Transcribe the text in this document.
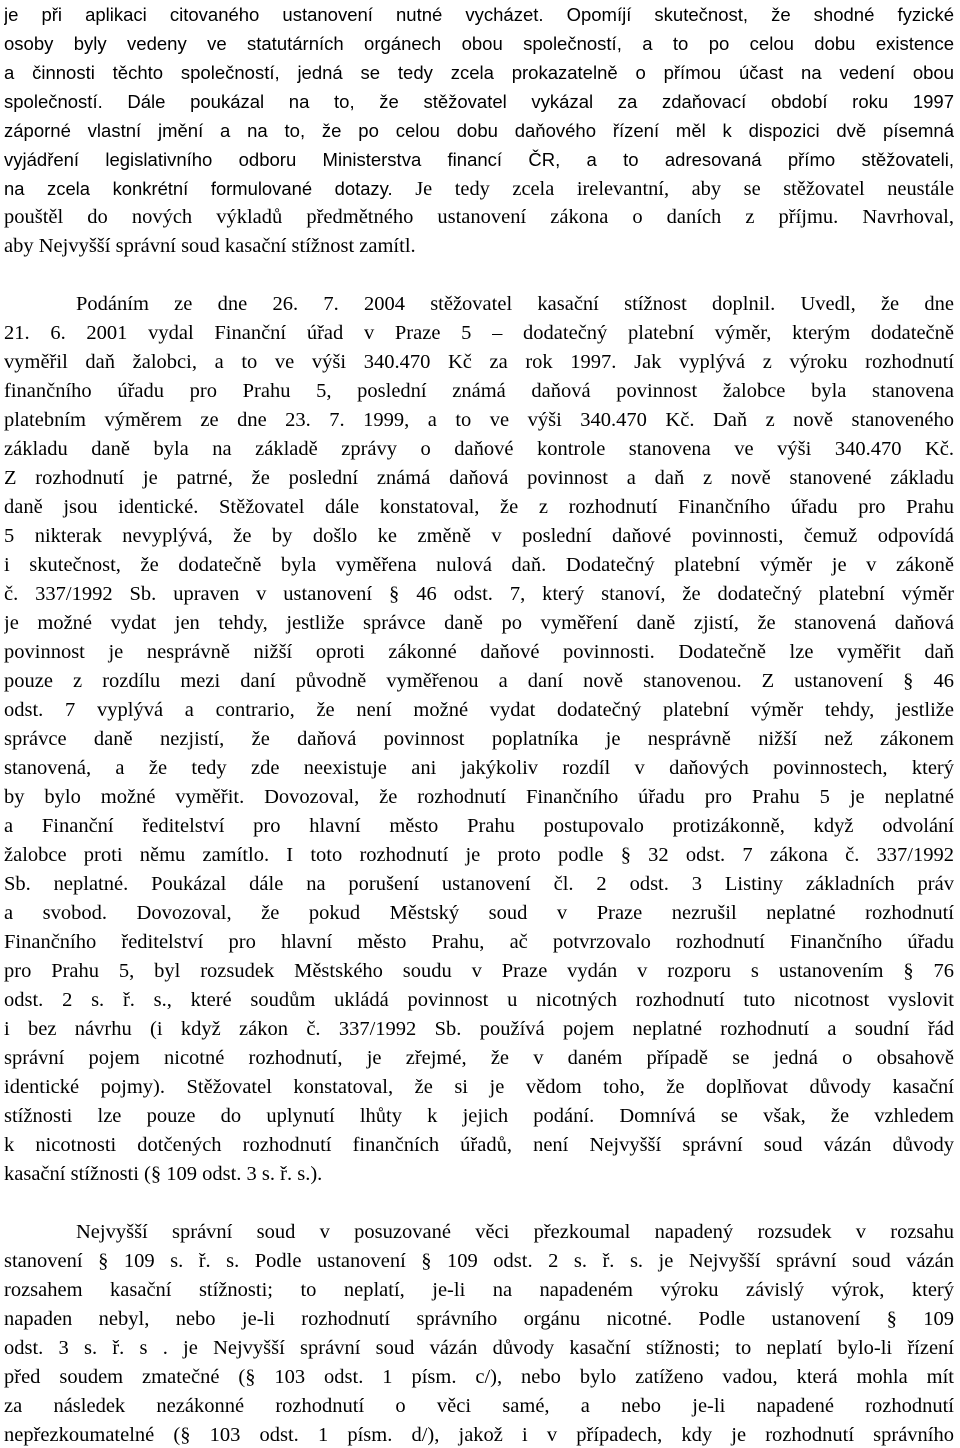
je při aplikaci citovaného ustanovení nutné vycházet. Opomíjí skutečnost, že shodné fyzické
osoby byly vedeny ve statutárních orgánech obou společností, a to po celou dobu existence
a činnosti těchto společností, jedná se tedy zcela prokazatelně o přímou účast na vedení obou
společností. Dále poukázal na to, že stěžovatel vykázal za zdaňovací období roku 1997
záporné vlastní jmění a na to, že po celou dobu daňového řízení měl k dispozici dvě písemná
vyjádření legislativního odboru Ministerstva financí ČR, a to adresovaná přímo stěžovateli,
na zcela konkrétní formulované dotazy. Je tedy zcela irelevantní, aby se stěžovatel neustále
pouštěl do nových výkladů předmětného ustanovení zákona o daních z příjmu. Navrhoval,
aby Nejvyšší správní soud kasační stížnost zamítl.
Podáním ze dne 26. 7. 2004 stěžovatel kasační stížnost doplnil. Uvedl, že dne
21. 6. 2001 vydal Finanční úřad v Praze 5 – dodatečný platební výměr, kterým dodatečně
vyměřil daň žalobci, a to ve výši 340.470 Kč za rok 1997. Jak vyplývá z výroku rozhodnutí
finančního úřadu pro Prahu 5, poslední známá daňová povinnost žalobce byla stanovena
platebním výměrem ze dne 23. 7. 1999, a to ve výši 340.470 Kč. Daň z nově stanoveného
základu daně byla na základě zprávy o daňové kontrole stanovena ve výši 340.470 Kč.
Z rozhodnutí je patrné, že poslední známá daňová povinnost a daň z nově stanovené základu
daně jsou identické. Stěžovatel dále konstatoval, že z rozhodnutí Finančního úřadu pro Prahu
5 nikterak nevyplývá, že by došlo ke změně v poslední daňové povinnosti, čemuž odpovídá
i skutečnost, že dodatečně byla vyměřena nulová daň. Dodatečný platební výměr je v zákoně
č. 337/1992 Sb. upraven v ustanovení § 46 odst. 7, který stanoví, že dodatečný platební výměr
je možné vydat jen tehdy, jestliže správce daně po vyměření daně zjistí, že stanovená daňová
povinnost je nesprávně nižší oproti zákonné daňové povinnosti. Dodatečně lze vyměřit daň
pouze z rozdílu mezi daní původně vyměřenou a daní nově stanovenou. Z ustanovení § 46
odst. 7 vyplývá a contrario, že není možné vydat dodatečný platební výměr tehdy, jestliže
správce daně nezjistí, že daňová povinnost poplatníka je nesprávně nižší než zákonem
stanovená, a že tedy zde neexistuje ani jakýkoliv rozdíl v daňových povinnostech, který
by bylo možné vyměřit. Dovozoval, že rozhodnutí Finančního úřadu pro Prahu 5 je neplatné
a Finanční ředitelství pro hlavní město Prahu postupovalo protizákonně, když odvolání
žalobce proti němu zamítlo. I toto rozhodnutí je proto podle § 32 odst. 7 zákona č. 337/1992
Sb. neplatné. Poukázal dále na porušení ustanovení čl. 2 odst. 3 Listiny základních práv
a svobod. Dovozoval, že pokud Městský soud v Praze nezrušil neplatné rozhodnutí
Finančního ředitelství pro hlavní město Prahu, ač potvrzovalo rozhodnutí Finančního úřadu
pro Prahu 5, byl rozsudek Městského soudu v Praze vydán v rozporu s ustanovením § 76
odst. 2 s. ř. s., které soudům ukládá povinnost u nicotných rozhodnutí tuto nicotnost vyslovit
i bez návrhu (i když zákon č. 337/1992 Sb. používá pojem neplatné rozhodnutí a soudní řád
správní pojem nicotné rozhodnutí, je zřejmé, že v daném případě se jedná o obsahově
identické pojmy). Stěžovatel konstatoval, že si je vědom toho, že doplňovat důvody kasační
stížnosti lze pouze do uplynutí lhůty k jejich podání. Domnívá se však, že vzhledem
k nicotnosti dotčených rozhodnutí finančních úřadů, není Nejvyšší správní soud vázán důvody
kasační stížnosti (§ 109 odst. 3 s. ř. s.).
Nejvyšší správní soud v posuzované věci přezkoumal napadený rozsudek v rozsahu
stanovení § 109 s. ř. s. Podle ustanovení § 109 odst. 2 s. ř. s. je Nejvyšší správní soud vázán
rozsahem kasační stížnosti; to neplatí, je-li na napadeném výroku závislý výrok, který
napaden nebyl, nebo je-li rozhodnutí správního orgánu nicotné. Podle ustanovení § 109
odst. 3 s. ř. s . je Nejvyšší správní soud vázán důvody kasační stížnosti; to neplatí bylo-li řízení
před soudem zmatečné (§ 103 odst. 1 písm. c/), nebo bylo zatíženo vadou, která mohla mít
za následek nezákonné rozhodnutí o věci samé, a nebo je-li napadené rozhodnutí
nepřezkoumatelné (§ 103 odst. 1 písm. d/), jakož i v případech, kdy je rozhodnutí správního
